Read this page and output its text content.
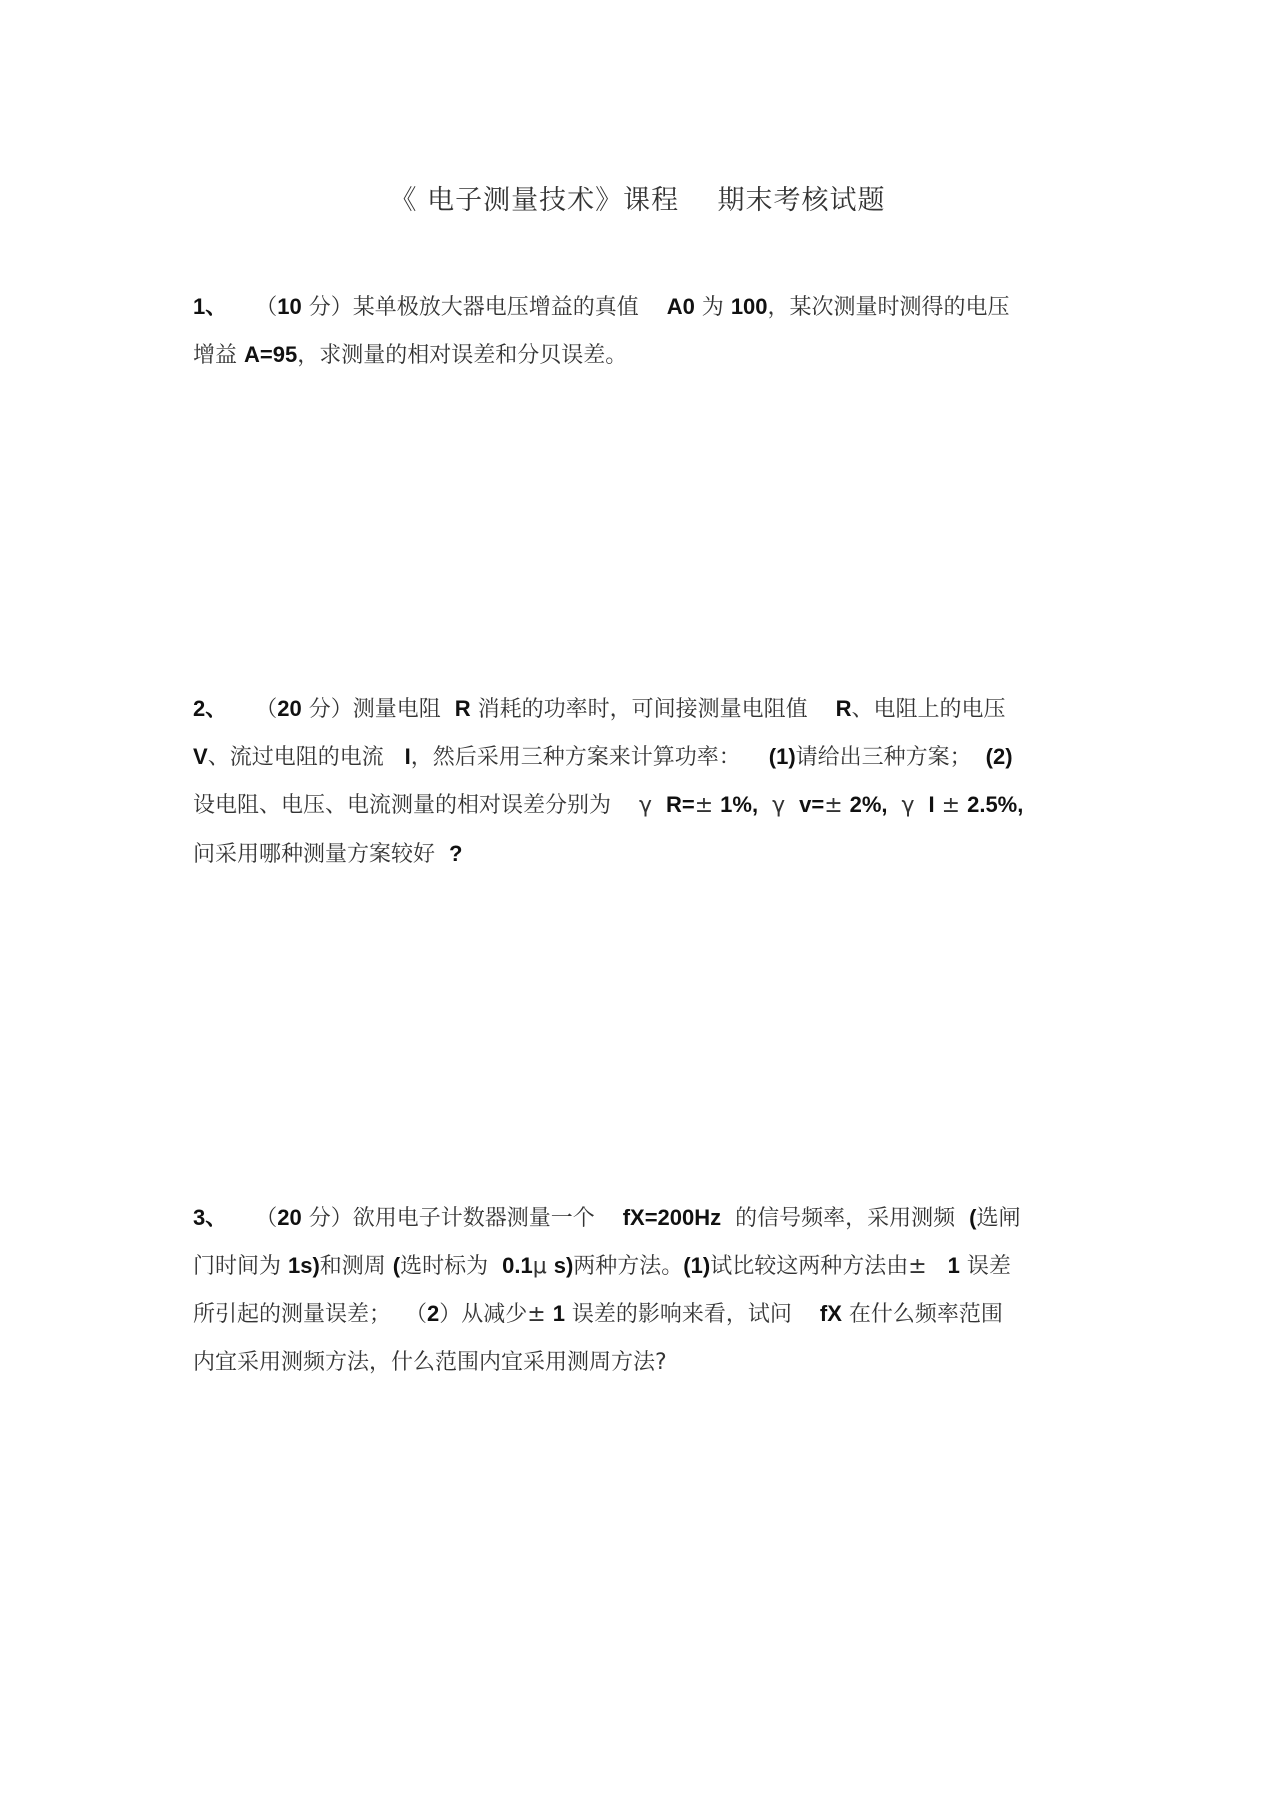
《 电子测量技术》课程    期末考核试题
1、    （10 分）某单极放大器电压增益的真值    A0 为 100，某次测量时测得的电压
增益 A=95，求测量的相对误差和分贝误差。
2、    （20 分）测量电阻  R 消耗的功率时，可间接测量电阻值    R、电阻上的电压
V、流过电阻的电流   I，然后采用三种方案来计算功率：    (1)请给出三种方案；  (2)
设电阻、电压、电流测量的相对误差分别为    γ  R=± 1%,  γ  v=± 2%,  γ  I ± 2.5%,
问采用哪种测量方案较好  ?
3、    （20 分）欲用电子计数器测量一个    fX=200Hz  的信号频率，采用测频  (选闸
门时间为 1s)和测周 (选时标为  0.1μ s)两种方法。(1)试比较这两种方法由±   1 误差
所引起的测量误差；  （2）从减少± 1 误差的影响来看，试问    fX 在什么频率范围
内宜采用测频方法，什么范围内宜采用测周方法?
